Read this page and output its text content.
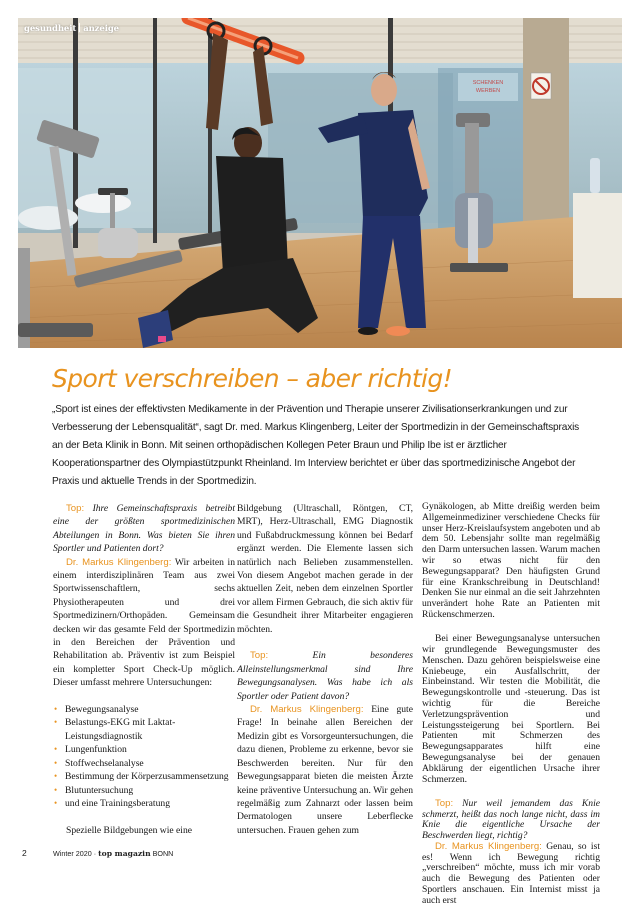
SCHENKEN
WERBEN
gesundheit anzeige
Sport verschreiben – aber richtig!

„Sport ist eines der effektivsten Medikamente in der Prävention und Therapie unserer Zivilisationserkrankungen und zur Verbesserung der Lebensqualität“, sagt Dr. med. Markus Klingenberg, Leiter der Sportmedizin in der Gemeinschaftspraxis an der Beta Klinik in Bonn. Mit seinen orthopädischen Kollegen Peter Braun und Philip Ibe ist er ärztlicher Kooperationspartner des Olympiastützpunkt Rheinland. Im Interview berichtet er über das sportmedizinische Angebot der Praxis und aktuelle Trends in der Sportmedizin.

Top: Ihre Gemeinschaftspraxis betreibt eine der größten sportmedizinischen Abteilungen in Bonn. Was bieten Sie ihren Sportler und Patienten dort?

Dr. Markus Klingenberg: Wir arbeiten in einem interdisziplinären Team aus zwei Sportwissenschaftlern, sechs Physiotherapeuten und drei Sportmedizinern/Orthopäden. Gemeinsam decken wir das gesamte Feld der Sportmedizin in den Bereichen der Prävention und Rehabilitation ab. Präventiv ist zum Beispiel ein kompletter Sport Check-Up möglich. Dieser umfasst mehrere Untersuchungen:

• Bewegungsanalyse
• Belastungs-EKG mit Laktat-Leistungsdiagnostik
• Lungenfunktion
• Stoffwechselanalyse
• Bestimmung der Körperzusammensetzung
• Blutuntersuchung
• und eine Trainingsberatung

Spezielle Bildgebungen wie eine

Bildgebung (Ultraschall, Röntgen, CT, MRT), Herz-Ultraschall, EMG Diagnostik und Fußabdruckmessung können bei Bedarf ergänzt werden. Die Elemente lassen sich natürlich nach Belieben zusammenstellen. Von diesem Angebot machen gerade in der aktuellen Zeit, neben dem einzelnen Sportler vor allem Firmen Gebrauch, die sich aktiv für die Gesundheit ihrer Mitarbeiter engagieren möchten.

Top: Ein besonderes Alleinstellungsmerkmal sind Ihre Bewegungsanalysen. Was habe ich als Sportler oder Patient davon?

Dr. Markus Klingenberg: Eine gute Frage! In beinahe allen Bereichen der Medizin gibt es Vorsorgeuntersuchungen, die dazu dienen, Probleme zu erkenne, bevor sie Beschwerden bereiten. Nur für den Bewegungsapparat bieten die meisten Ärzte keine präventive Untersuchung an. Wir gehen regelmäßig zum Zahnarzt oder lassen beim Dermatologen unsere Leberflecke untersuchen. Frauen gehen zum

Gynäkologen, ab Mitte dreißig werden beim Allgemeinmediziner verschiedene Checks für unser Herz-Kreislaufsystem angeboten und ab dem 50. Lebensjahr sollte man regelmäßig den Darm untersuchen lassen. Warum machen wir so etwas nicht für den Bewegungsapparat? Den häufigsten Grund für eine Krankschreibung in Deutschland! Denken Sie nur einmal an die seit Jahrzehnten unverändert hohe Rate an Patienten mit Rückenschmerzen.

Bei einer Bewegungsanalyse untersuchen wir grundlegende Bewegungsmuster des Menschen. Dazu gehören beispielsweise eine Kniebeuge, ein Ausfallschritt, der Einbeinstand. Wir testen die Mobilität, die Bewegungskontrolle und -steuerung. Das ist wichtig für die Bereiche Verletzungsprävention und Leistungssteigerung bei Sportlern. Bei Patienten mit Schmerzen des Bewegungsapparates hilft eine Bewegungsanalyse bei der genauen Abklärung der eigentlichen Ursache ihrer Schmerzen.

Top: Nur weil jemandem das Knie schmerzt, heißt das noch lange nicht, dass im Knie die eigentliche Ursache der Beschwerden liegt, richtig?

Dr. Markus Klingenberg: Genau, so ist es! Wenn ich Bewegung richtig „verschreiben“ möchte, muss ich mir vorab auch die Bewegung des Patienten oder Sportlers anschauen. Ein Internist misst ja auch erst

2	Winter 2020 · top magazin BONN
